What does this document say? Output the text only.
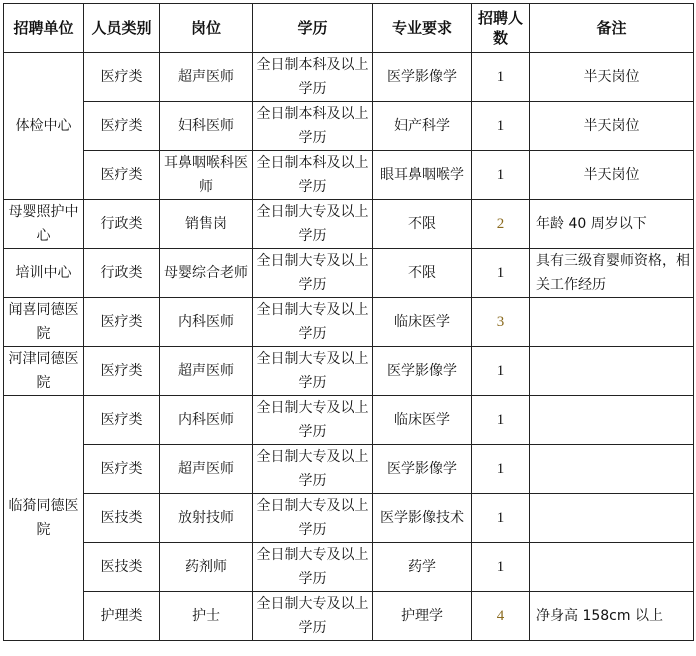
招聘单位	人员类别	岗位	学历	专业要求	招聘人数	备注
体检中心	医疗类	超声医师	全日制本科及以上学历	医学影像学	1	半天岗位
	医疗类	妇科医师	全日制本科及以上学历	妇产科学	1	半天岗位
	医疗类	耳鼻咽喉科医师	全日制本科及以上学历	眼耳鼻咽喉学	1	半天岗位
母婴照护中心	行政类	销售岗	全日制大专及以上学历	不限	2	年龄 40 周岁以下
培训中心	行政类	母婴综合老师	全日制大专及以上学历	不限	1	具有三级育婴师资格，相关工作经历
闻喜同德医院	医疗类	内科医师	全日制大专及以上学历	临床医学	3	
河津同德医院	医疗类	超声医师	全日制大专及以上学历	医学影像学	1	
临猗同德医院	医疗类	内科医师	全日制大专及以上学历	临床医学	1	
	医疗类	超声医师	全日制大专及以上学历	医学影像学	1	
	医技类	放射技师	全日制大专及以上学历	医学影像技术	1	
	医技类	药剂师	全日制大专及以上学历	药学	1	
	护理类	护士	全日制大专及以上学历	护理学	4	净身高 158cm 以上
